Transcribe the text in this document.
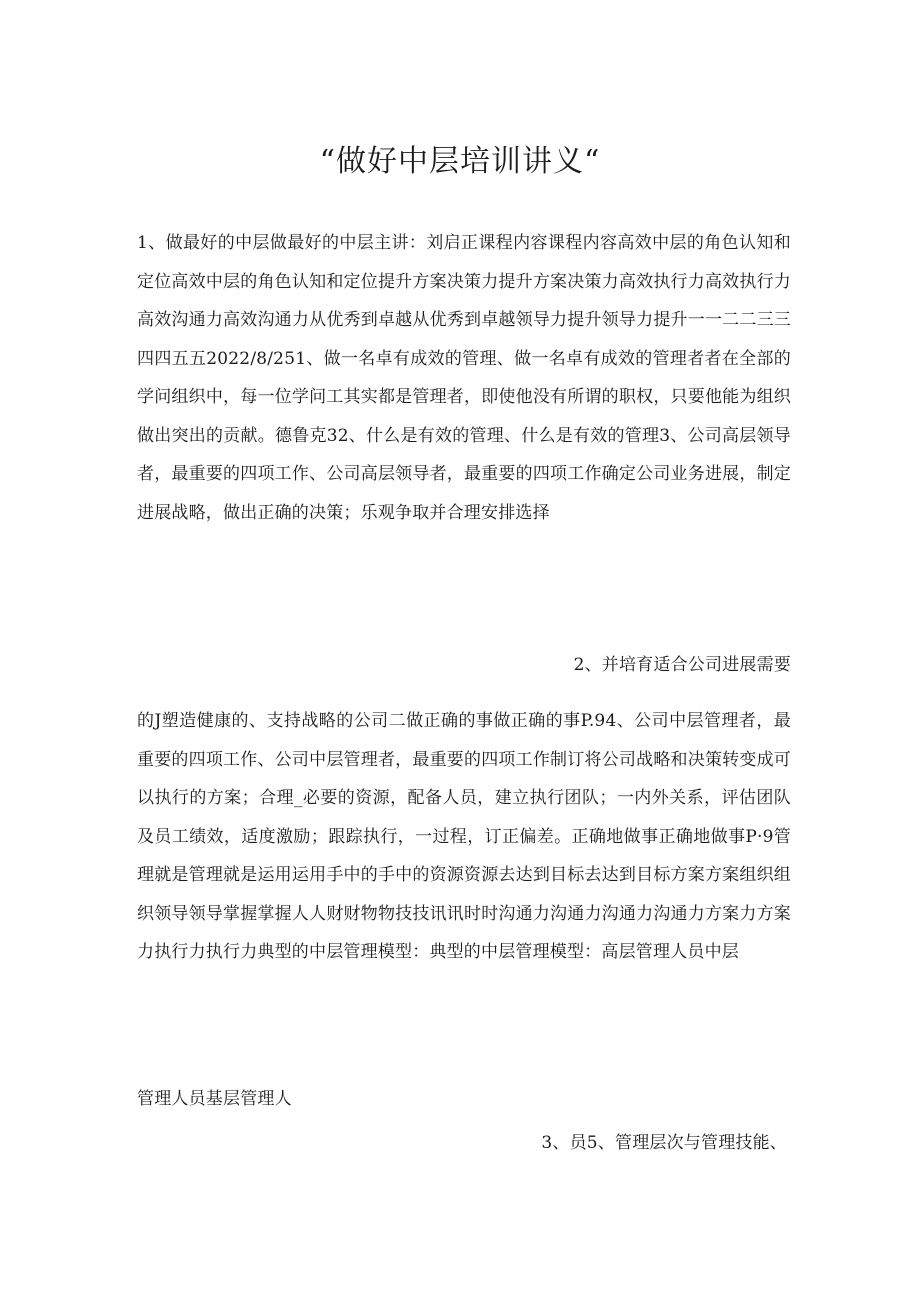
“做好中层培训讲义“

1、做最好的中层做最好的中层主讲：刘启正课程内容课程内容高效中层的角色认知和定位高效中层的角色认知和定位提升方案决策力提升方案决策力高效执行力高效执行力高效沟通力高效沟通力从优秀到卓越从优秀到卓越领导力提升领导力提升一一二二三三四四五五2022/8/251、做一名卓有成效的管理、做一名卓有成效的管理者者在全部的学问组织中，每一位学问工其实都是管理者，即使他没有所谓的职权，只要他能为组织做出突出的贡献。德鲁克32、什么是有效的管理、什么是有效的管理3、公司高层领导者，最重要的四项工作、公司高层领导者，最重要的四项工作确定公司业务进展，制定进展战略，做出正确的决策；乐观争取并合理安排选择

2、并培育适合公司进展需要

的J塑造健康的、支持战略的公司二做正确的事做正确的事P.94、公司中层管理者，最重要的四项工作、公司中层管理者，最重要的四项工作制订将公司战略和决策转变成可以执行的方案；合理_必要的资源，配备人员，建立执行团队；一内外关系，评估团队及员工绩效，适度激励；跟踪执行，一过程，订正偏差。正确地做事正确地做事P·9管理就是管理就是运用运用手中的手中的资源资源去达到目标去达到目标方案方案组织组织领导领导掌握掌握人人财财物物技技讯讯时时沟通力沟通力沟通力沟通力方案力方案力执行力执行力典型的中层管理模型：典型的中层管理模型：高层管理人员中层

管理人员基层管理人

3、员5、管理层次与管理技能、
